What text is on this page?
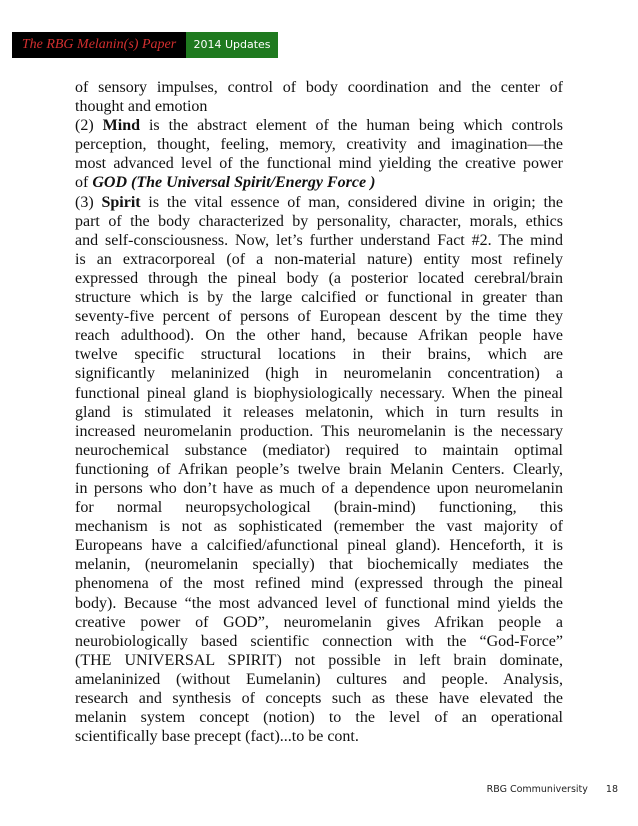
The RBG Melanin(s) Paper	2014 Updates
of sensory impulses, control of body coordination and the center of
thought and emotion
(2) Mind is the abstract element of the human being which controls
perception, thought, feeling, memory, creativity and imagination—the
most advanced level of the functional mind yielding the creative power
of GOD (The Universal Spirit/Energy Force )
(3) Spirit is the vital essence of man, considered divine in origin; the
part of the body characterized by personality, character, morals, ethics
and self-consciousness. Now, let’s further understand Fact #2. The mind
is an extracorporeal (of a non-material nature) entity most refinely
expressed through the pineal body (a posterior located cerebral/brain
structure which is by the large calcified or functional in greater than
seventy-five percent of persons of European descent by the time they
reach adulthood). On the other hand, because Afrikan people have
twelve specific structural locations in their brains, which are
significantly melaninized (high in neuromelanin concentration) a
functional pineal gland is biophysiologically necessary. When the pineal
gland is stimulated it releases melatonin, which in turn results in
increased neuromelanin production. This neuromelanin is the necessary
neurochemical substance (mediator) required to maintain optimal
functioning of Afrikan people’s twelve brain Melanin Centers. Clearly,
in persons who don’t have as much of a dependence upon neuromelanin
for normal neuropsychological (brain-mind) functioning, this
mechanism is not as sophisticated (remember the vast majority of
Europeans have a calcified/afunctional pineal gland). Henceforth, it is
melanin, (neuromelanin specially) that biochemically mediates the
phenomena of the most refined mind (expressed through the pineal
body). Because “the most advanced level of functional mind yields the
creative power of GOD”, neuromelanin gives Afrikan people a
neurobiologically based scientific connection with the “God-Force”
(THE UNIVERSAL SPIRIT) not possible in left brain dominate,
amelaninized (without Eumelanin) cultures and people. Analysis,
research and synthesis of concepts such as these have elevated the
melanin system concept (notion) to the level of an operational
scientifically base precept (fact)...to be cont.
RBG Communiversity 18
